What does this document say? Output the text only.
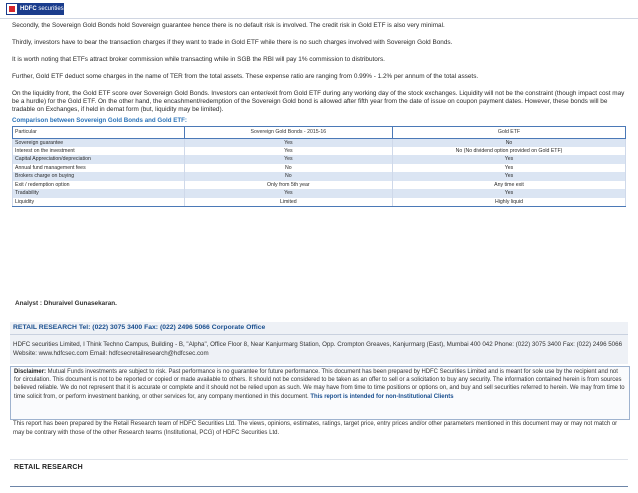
HDFC securities

Secondly, the Sovereign Gold Bonds hold Sovereign guarantee hence there is no default risk is involved. The credit risk in Gold ETF is also very minimal.

Thirdly, investors have to bear the transaction charges if they want to trade in Gold ETF while there is no such charges involved with Sovereign Gold Bonds.

It is worth noting that ETFs attract broker commission while transacting while in SGB the RBI will pay 1% commission to distributors.

Further, Gold ETF deduct some charges in the name of TER from the total assets. These expense ratio are ranging from 0.99% - 1.2% per annum of the total assets.

On the liquidity front, the Gold ETF score over Sovereign Gold Bonds. Investors can enter/exit from Gold ETF during any working day of the stock exchanges. Liquidity will not be the constraint (though impact cost may be a hurdle) for the Gold ETF. On the other hand, the encashment/redemption of the Sovereign Gold bond is allowed after fifth year from the date of issue on coupon payment dates. However, these bonds will be tradable on Exchanges, if held in demat form (but, liquidity may be limited).

Comparison between Sovereign Gold Bonds and Gold ETF:
Particular	Sovereign Gold Bonds - 2015-16	Gold ETF
Sovereign guarantee	Yes	No
Interest on the investment	Yes	No (No dividend option provided on Gold ETF)
Capital Appreciation/depreciation	Yes	Yes
Annual fund management fees	No	Yes
Brokers charge on buying	No	Yes
Exit / redemption option	Only from 5th year	Any time exit
Tradability	Yes	Yes
Liquidity	Limited	Highly liquid
Analyst : Dhuraivel Gunasekaran.
RETAIL RESEARCH Tel: (022) 3075 3400 Fax: (022) 2496 5066 Corporate Office
HDFC securities Limited, I Think Techno Campus, Building - B, "Alpha", Office Floor 8, Near Kanjurmarg Station, Opp. Crompton Greaves, Kanjurmarg (East), Mumbai 400 042 Phone: (022) 3075 3400 Fax: (022) 2496 5066 Website: www.hdfcsec.com Email: hdfcsecretailresearch@hdfcsec.com
Disclaimer: Mutual Funds investments are subject to risk. Past performance is no guarantee for future performance. This document has been prepared by HDFC Securities Limited and is meant for sole use by the recipient and not for circulation. This document is not to be reported or copied or made available to others. It should not be considered to be taken as an offer to sell or a solicitation to buy any security. The information contained herein is from sources believed reliable. We do not represent that it is accurate or complete and it should not be relied upon as such. We may have from time to time positions or options on, and buy and sell securities referred to herein. We may from time to time solicit from, or perform investment banking, or other services for, any company mentioned in this document. This report is intended for non-Institutional Clients
This report has been prepared by the Retail Research team of HDFC Securities Ltd. The views, opinions, estimates, ratings, target price, entry prices and/or other parameters mentioned in this document may or may not match or may be contrary with those of the other Research teams (Institutional, PCG) of HDFC Securities Ltd.
RETAIL RESEARCH
